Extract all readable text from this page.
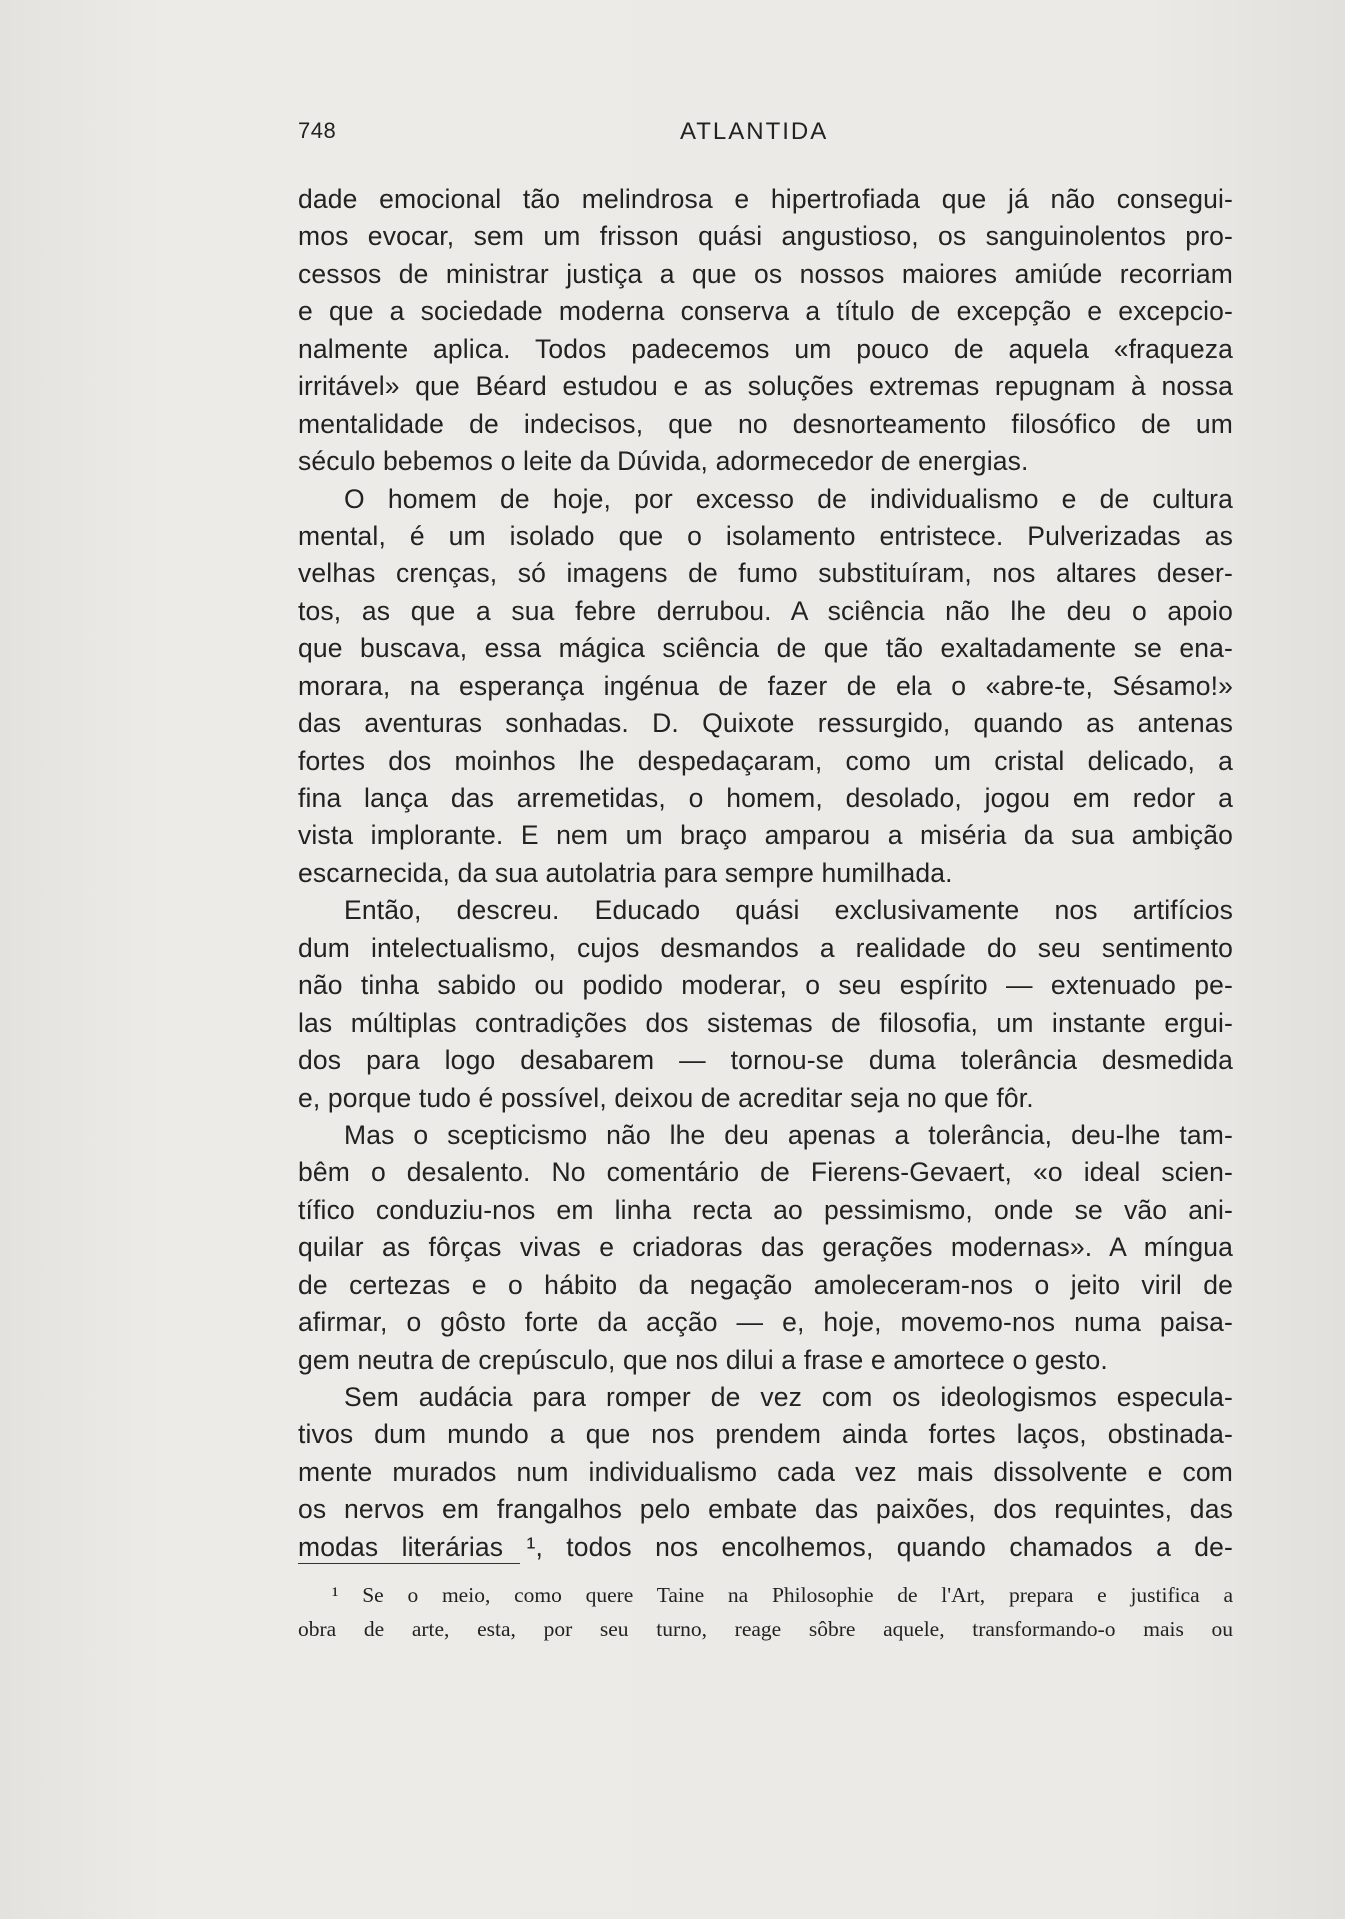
748	ATLANTIDA
dade emocional tão melindrosa e hipertrofiada que já não consegui-
mos evocar, sem um frisson quási angustioso, os sanguinolentos pro-
cessos de ministrar justiça a que os nossos maiores amiúde recorriam
e que a sociedade moderna conserva a título de excepção e excepcio-
nalmente aplica. Todos padecemos um pouco de aquela «fraqueza
irritável» que Béard estudou e as soluções extremas repugnam à nossa
mentalidade de indecisos, que no desnorteamento filosófico de um
século bebemos o leite da Dúvida, adormecedor de energias.
O homem de hoje, por excesso de individualismo e de cultura
mental, é um isolado que o isolamento entristece. Pulverizadas as
velhas crenças, só imagens de fumo substituíram, nos altares deser-
tos, as que a sua febre derrubou. A sciência não lhe deu o apoio
que buscava, essa mágica sciência de que tão exaltadamente se ena-
morara, na esperança ingénua de fazer de ela o «abre-te, Sésamo!»
das aventuras sonhadas. D. Quixote ressurgido, quando as antenas
fortes dos moinhos lhe despedaçaram, como um cristal delicado, a
fina lança das arremetidas, o homem, desolado, jogou em redor a
vista implorante. E nem um braço amparou a miséria da sua ambição
escarnecida, da sua autolatria para sempre humilhada.
Então, descreu. Educado quási exclusivamente nos artifícios
dum intelectualismo, cujos desmandos a realidade do seu sentimento
não tinha sabido ou podido moderar, o seu espírito — extenuado pe-
las múltiplas contradições dos sistemas de filosofia, um instante ergui-
dos para logo desabarem — tornou-se duma tolerância desmedida
e, porque tudo é possível, deixou de acreditar seja no que fôr.
Mas o scepticismo não lhe deu apenas a tolerância, deu-lhe tam-
bêm o desalento. No comentário de Fierens-Gevaert, «o ideal scien-
tífico conduziu-nos em linha recta ao pessimismo, onde se vão ani-
quilar as fôrças vivas e criadoras das gerações modernas». A míngua
de certezas e o hábito da negação amoleceram-nos o jeito viril de
afirmar, o gôsto forte da acção — e, hoje, movemo-nos numa paisa-
gem neutra de crepúsculo, que nos dilui a frase e amortece o gesto.
Sem audácia para romper de vez com os ideologismos especula-
tivos dum mundo a que nos prendem ainda fortes laços, obstinada-
mente murados num individualismo cada vez mais dissolvente e com
os nervos em frangalhos pelo embate das paixões, dos requintes, das
modas literárias ¹, todos nos encolhemos, quando chamados a de-
¹ Se o meio, como quere Taine na Philosophie de l'Art, prepara e justifica a
obra de arte, esta, por seu turno, reage sôbre aquele, transformando-o mais ou
